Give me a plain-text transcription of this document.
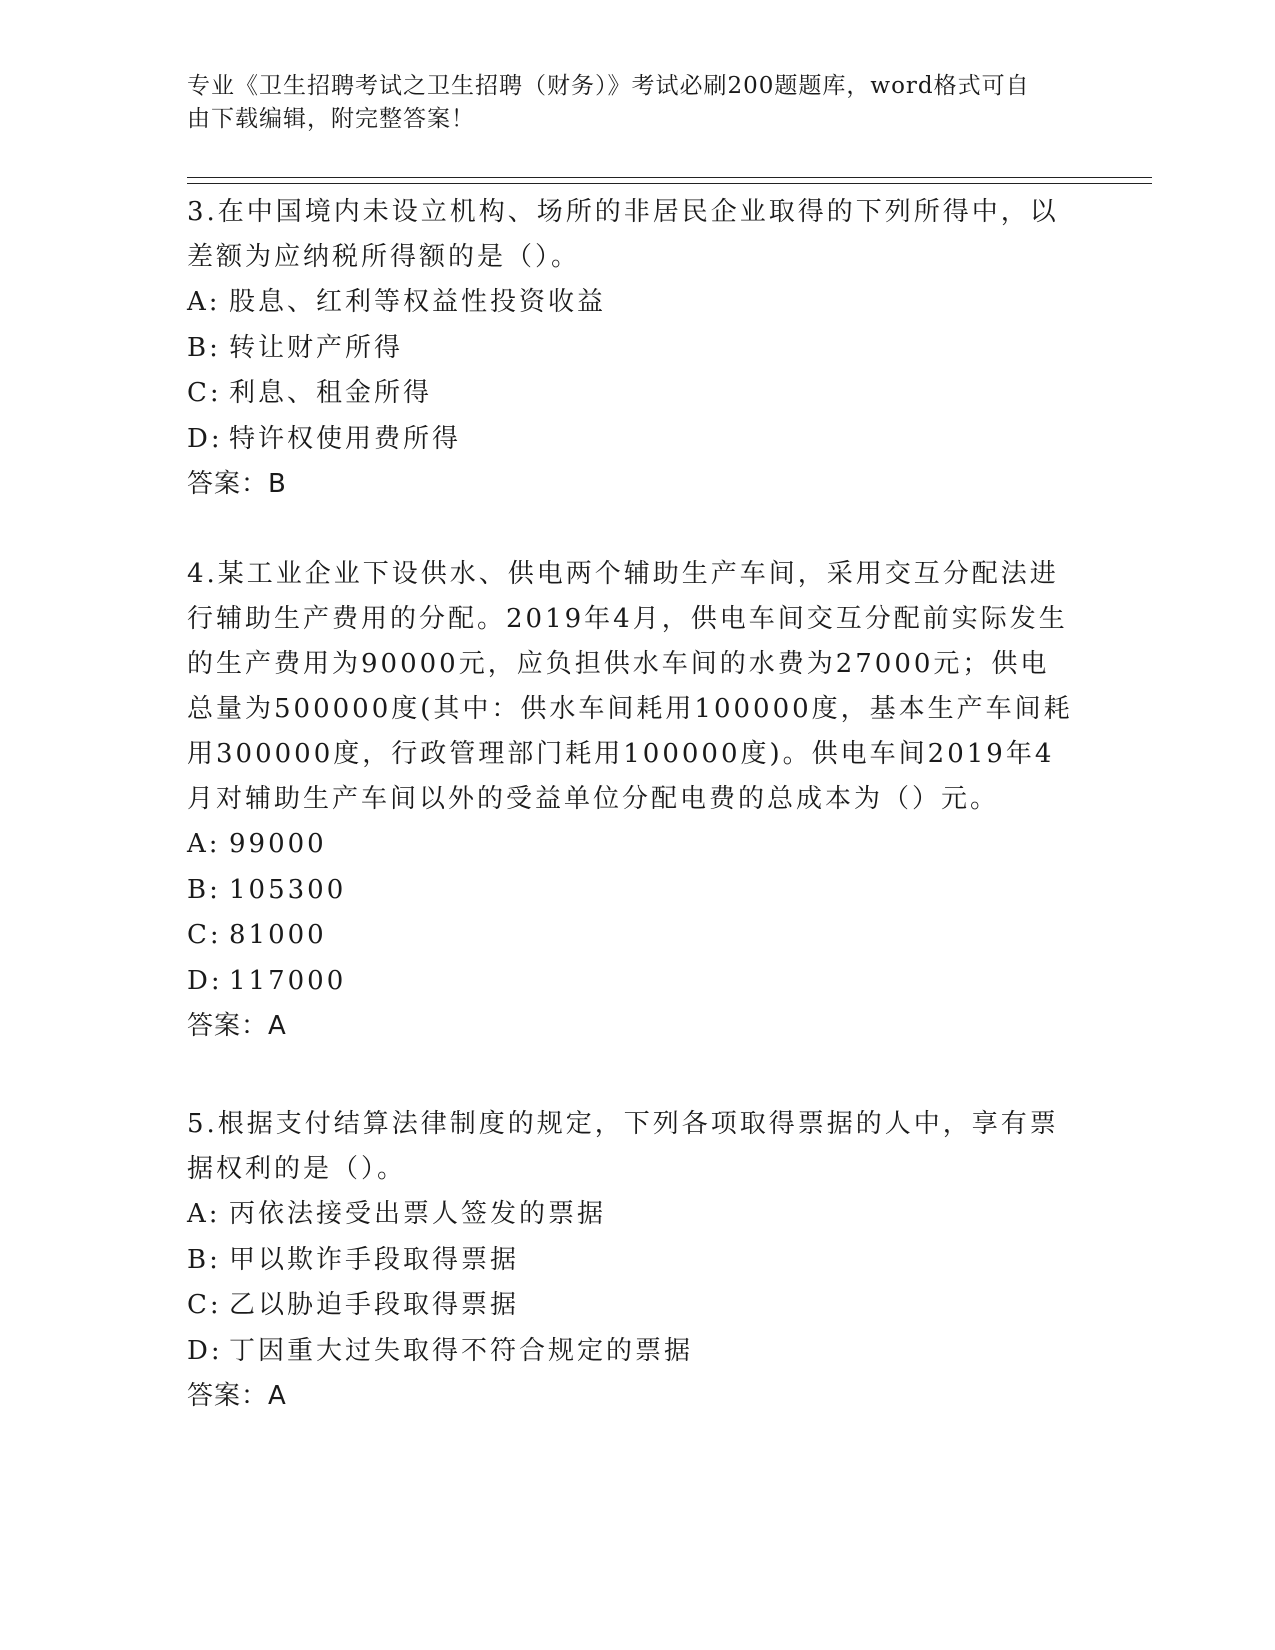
专业《卫生招聘考试之卫生招聘（财务）》考试必刷200题题库，word格式可自
由下载编辑，附完整答案！

3.在中国境内未设立机构、场所的非居民企业取得的下列所得中，以差额为应纳税所得额的是（）。

A: 股息、红利等权益性投资收益

B: 转让财产所得

C: 利息、租金所得

D: 特许权使用费所得

答案：B

4.某工业企业下设供水、供电两个辅助生产车间，采用交互分配法进行辅助生产费用的分配。2019年4月，供电车间交互分配前实际发生的生产费用为90000元，应负担供水车间的水费为27000元；供电总量为500000度(其中：供水车间耗用100000度，基本生产车间耗用300000度，行政管理部门耗用100000度)。供电车间2019年4月对辅助生产车间以外的受益单位分配电费的总成本为（）元。

A: 99000

B: 105300

C: 81000

D: 117000

答案：A

5.根据支付结算法律制度的规定，下列各项取得票据的人中，享有票据权利的是（）。

A: 丙依法接受出票人签发的票据

B: 甲以欺诈手段取得票据

C: 乙以胁迫手段取得票据

D: 丁因重大过失取得不符合规定的票据

答案：A
